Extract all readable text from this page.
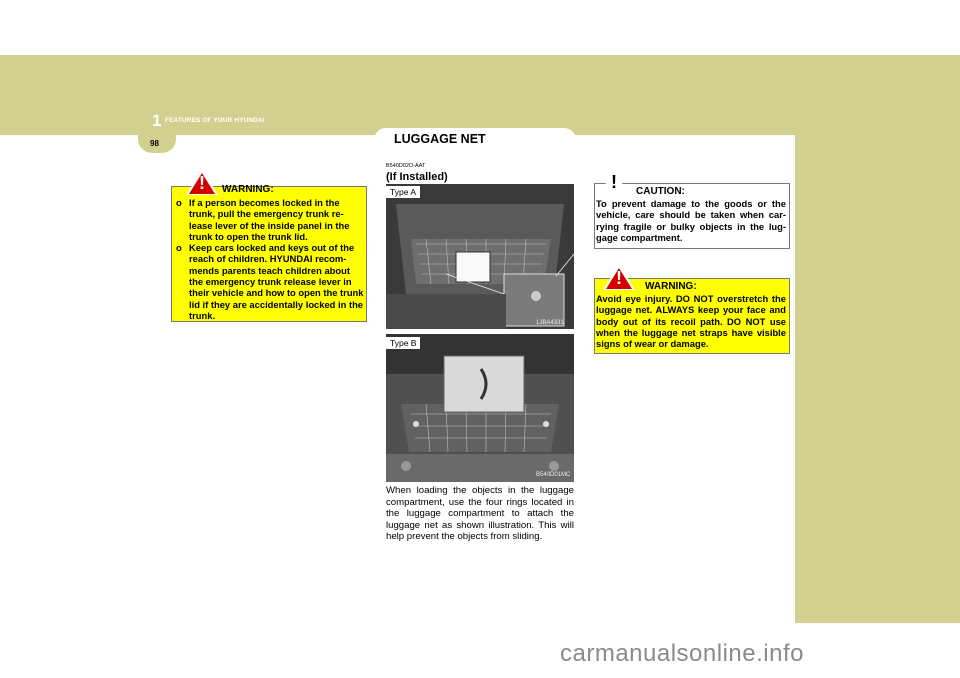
1 FEATURES OF YOUR HYUNDAI
98	LUGGAGE NET
!	WARNING:
o If a person becomes locked in the trunk, pull the emergency trunk re-lease lever of the inside panel in the trunk to open the trunk lid.
o Keep cars locked and keys out of the reach of children. HYUNDAI recom-mends parents teach children about the emergency trunk release lever in their vehicle and how to open the trunk lid if they are accidentally locked in the trunk.
B540D02O-AAT
(If Installed)
Type A
1JBA4331
Type B
B540D01MC
When loading the objects in the luggage compartment, use the four rings located in the luggage compartment to attach the luggage net as shown illustration. This will help prevent the objects from sliding.
!	CAUTION:
To prevent damage to the goods or the vehicle, care should be taken when car-rying fragile or bulky objects in the lug-gage compartment.
!	WARNING:
Avoid eye injury. DO NOT overstretch the luggage net. ALWAYS keep your face and body out of its recoil path. DO NOT use when the luggage net straps have visible signs of wear or damage.
carmanualsonline.info
